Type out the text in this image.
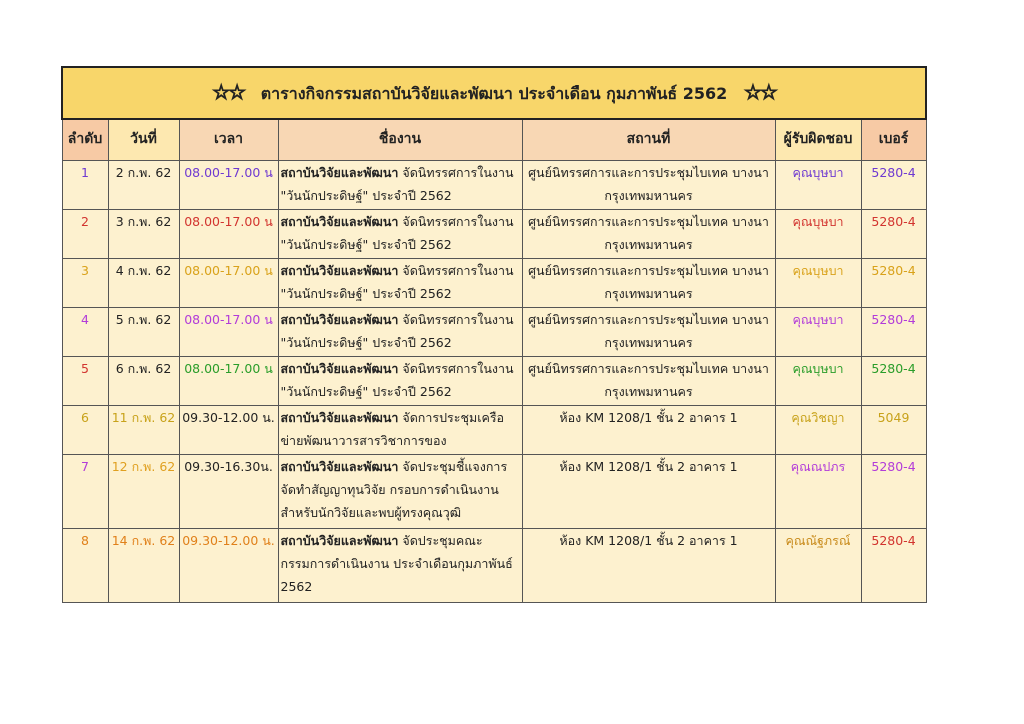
☆☆ ตารางกิจกรรมสถาบันวิจัยและพัฒนา ประจำเดือน กุมภาพันธ์ 2562 ☆☆						
ลำดับ	วันที่	เวลา	ชื่องาน	สถานที่	ผู้รับผิดชอบ	เบอร์
1	2 ก.พ. 62	08.00-17.00 น	สถาบันวิจัยและพัฒนา จัดนิทรรศการในงาน "วันนักประดิษฐ์" ประจำปี 2562	ศูนย์นิทรรศการและการประชุมไบเทค บางนา กรุงเทพมหานคร	คุณบุษบา	5280-4
2	3 ก.พ. 62	08.00-17.00 น	สถาบันวิจัยและพัฒนา จัดนิทรรศการในงาน "วันนักประดิษฐ์" ประจำปี 2562	ศูนย์นิทรรศการและการประชุมไบเทค บางนา กรุงเทพมหานคร	คุณบุษบา	5280-4
3	4 ก.พ. 62	08.00-17.00 น	สถาบันวิจัยและพัฒนา จัดนิทรรศการในงาน "วันนักประดิษฐ์" ประจำปี 2562	ศูนย์นิทรรศการและการประชุมไบเทค บางนา กรุงเทพมหานคร	คุณบุษบา	5280-4
4	5 ก.พ. 62	08.00-17.00 น	สถาบันวิจัยและพัฒนา จัดนิทรรศการในงาน "วันนักประดิษฐ์" ประจำปี 2562	ศูนย์นิทรรศการและการประชุมไบเทค บางนา กรุงเทพมหานคร	คุณบุษบา	5280-4
5	6 ก.พ. 62	08.00-17.00 น	สถาบันวิจัยและพัฒนา จัดนิทรรศการในงาน "วันนักประดิษฐ์" ประจำปี 2562	ศูนย์นิทรรศการและการประชุมไบเทค บางนา กรุงเทพมหานคร	คุณบุษบา	5280-4
6	11 ก.พ. 62	09.30-12.00 น.	สถาบันวิจัยและพัฒนา จัดการประชุมเครือข่ายพัฒนาวารสารวิชาการของ	ห้อง KM 1208/1 ชั้น 2 อาคาร 1	คุณวิชญา	5049
7	12 ก.พ. 62	09.30-16.30น.	สถาบันวิจัยและพัฒนา จัดประชุมชี้แจงการจัดทำสัญญาทุนวิจัย กรอบการดำเนินงานสำหรับนักวิจัยและพบผู้ทรงคุณวุฒิ	ห้อง KM 1208/1 ชั้น 2 อาคาร 1	คุณณปภร	5280-4
8	14 ก.พ. 62	09.30-12.00 น.	สถาบันวิจัยและพัฒนา จัดประชุมคณะกรรมการดำเนินงาน ประจำเดือนกุมภาพันธ์ 2562	ห้อง KM 1208/1 ชั้น 2 อาคาร 1	คุณณัฐภรณ์	5280-4
